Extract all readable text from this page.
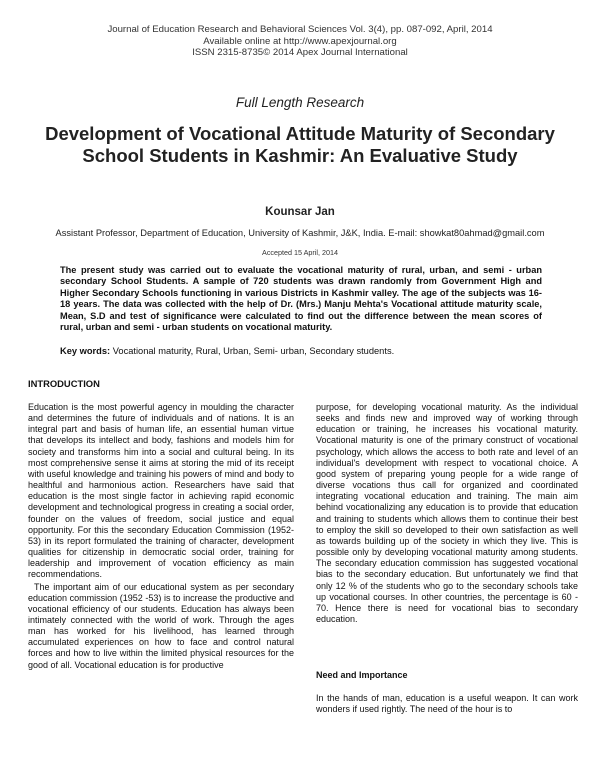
Journal of Education Research and Behavioral Sciences Vol. 3(4), pp. 087-092, April, 2014
Available online at http://www.apexjournal.org
ISSN 2315-8735© 2014 Apex Journal International
Full Length Research
Development of Vocational Attitude Maturity of Secondary School Students in Kashmir: An Evaluative Study
Kounsar Jan
Assistant Professor, Department of Education, University of Kashmir, J&K, India. E-mail: showkat80ahmad@gmail.com
Accepted 15 April, 2014
The present study was carried out to evaluate the vocational maturity of rural, urban, and semi - urban secondary School Students. A sample of 720 students was drawn randomly from Government High and Higher Secondary Schools functioning in various Districts in Kashmir valley. The age of the subjects was 16-18 years. The data was collected with the help of Dr. (Mrs.) Manju Mehta's Vocational attitude maturity scale, Mean, S.D and test of significance were calculated to find out the difference between the mean scores of rural, urban and semi - urban students on vocational maturity.
Key words: Vocational maturity, Rural, Urban, Semi- urban, Secondary students.
INTRODUCTION

Education is the most powerful agency in moulding the character and determines the future of individuals and of nations. It is an integral part and basis of human life, an essential human virtue that develops its intellect and body, fashions and models him for society and transforms him into a social and cultural being. In its most comprehensive sense it aims at storing the mid of its receipt with useful knowledge and training his powers of mind and body to healthful and harmonious action. Researchers have said that education is the most single factor in achieving rapid economic development and technological progress in creating a social order, founder on the values of freedom, social justice and equal opportunity. For this the secondary Education Commission (1952-53) in its report formulated the training of character, development qualities for citizenship in democratic social order, training for leadership and improvement of vocation efficiency as main recommendations.

The important aim of our educational system as per secondary education commission (1952 -53) is to increase the productive and vocational efficiency of our students. Education has always been intimately connected with the world of work. Through the ages man has worked for his livelihood, has learned through accumulated experiences on how to face and control natural forces and how to live within the limited physical resources for the good of all. Vocational education is for productive

purpose, for developing vocational maturity. As the individual seeks and finds new and improved way of working through education or training, he increases his vocational maturity. Vocational maturity is one of the primary construct of vocational psychology, which allows the access to both rate and level of an individual's development with respect to vocational choice. A good system of preparing young people for a wide range of diverse vocations thus call for organized and coordinated integrating vocational education and training. The main aim behind vocationalizing any education is to provide that education and training to students which allows them to continue their best to employ the skill so developed to their own satisfaction as well as towards building up of the society in which they live. This is possible only by developing vocational maturity among students. The secondary education commission has suggested vocational bias to the secondary education. But unfortunately we find that only 12 % of the students who go to the secondary schools take up vocational courses. In other countries, the percentage is 60 - 70. Hence there is need for vocational bias to secondary education.

Need and Importance

In the hands of man, education is a useful weapon. It can work wonders if used rightly. The need of the hour is to
